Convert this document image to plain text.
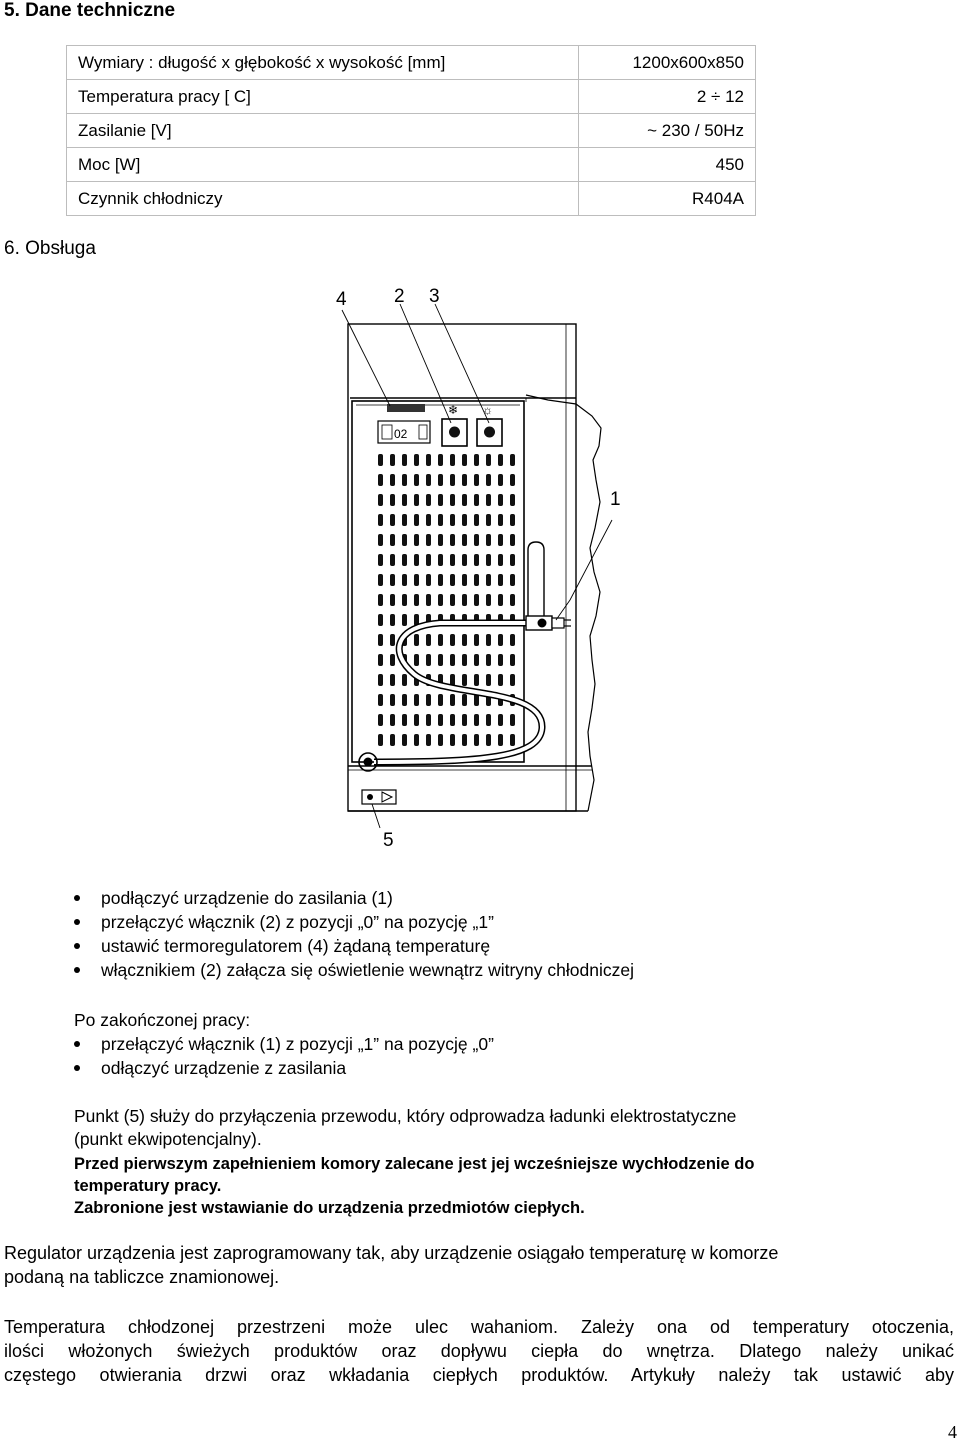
5. Dane techniczne
Wymiary : długość x głębokość x wysokość [mm]	1200x600x850
Temperatura pracy [ C]	2 ÷ 12
Zasilanie [V]	~ 230 / 50Hz
Moc [W]	450
Czynnik chłodniczy	R404A
6. Obsługa
02
❄ ☼
4 2 3
1
5
podłączyć urządzenie do zasilania (1)
przełączyć włącznik (2) z pozycji „0” na pozycję „1”
ustawić termoregulatorem (4) żądaną temperaturę
włącznikiem (2) załącza się oświetlenie wewnątrz witryny chłodniczej
Po zakończonej pracy:
przełączyć włącznik (1) z pozycji „1” na pozycję „0”
odłączyć urządzenie z zasilania
Punkt (5) służy do przyłączenia przewodu, który odprowadza ładunki elektrostatyczne
(punkt ekwipotencjalny).
Przed pierwszym zapełnieniem komory zalecane jest jej wcześniejsze wychłodzenie do
temperatury pracy.
Zabronione jest wstawianie do urządzenia przedmiotów ciepłych.
Regulator urządzenia jest zaprogramowany tak, aby urządzenie osiągało temperaturę w komorze
podaną na tabliczce znamionowej.
Temperatura chłodzonej przestrzeni może ulec wahaniom. Zależy ona od temperatury otoczenia,
ilości włożonych świeżych produktów oraz dopływu ciepła do wnętrza. Dlatego należy unikać
częstego otwierania drzwi oraz wkładania ciepłych produktów. Artykuły należy tak ustawić aby
4
